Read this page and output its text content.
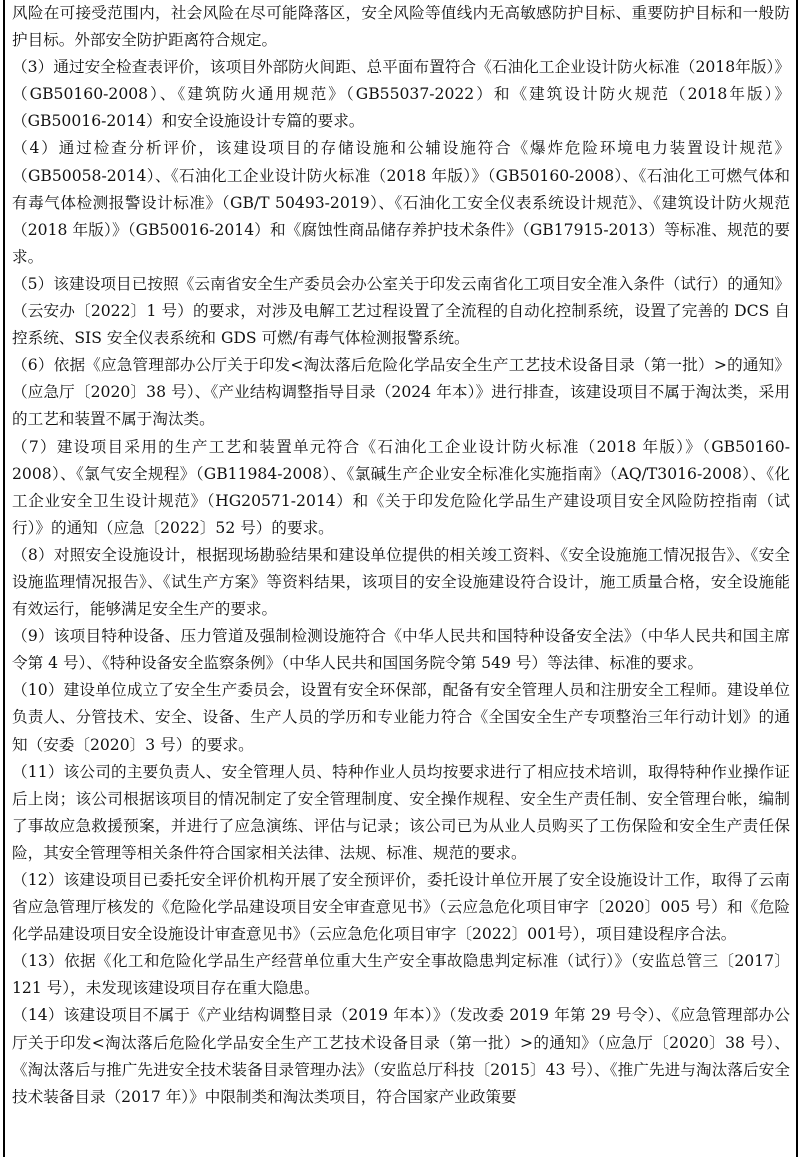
风险在可接受范围内，社会风险在尽可能降落区，安全风险等值线内无高敏感防护目标、重要防护目标和一般防护目标。外部安全防护距离符合规定。

（3）通过安全检查表评价，该项目外部防火间距、总平面布置符合《石油化工企业设计防火标准（2018年版）》（GB50160-2008）、《建筑防火通用规范》（GB55037-2022）和《建筑设计防火规范（2018年版）》（GB50016-2014）和安全设施设计专篇的要求。

（4）通过检查分析评价，该建设项目的存储设施和公辅设施符合《爆炸危险环境电力装置设计规范》（GB50058-2014）、《石油化工企业设计防火标准（2018 年版）》（GB50160-2008）、《石油化工可燃气体和有毒气体检测报警设计标准》（GB/T 50493-2019）、《石油化工安全仪表系统设计规范》、《建筑设计防火规范（2018 年版）》（GB50016-2014）和《腐蚀性商品储存养护技术条件》（GB17915-2013）等标准、规范的要求。

（5）该建设项目已按照《云南省安全生产委员会办公室关于印发云南省化工项目安全准入条件（试行）的通知》（云安办〔2022〕1 号）的要求，对涉及电解工艺过程设置了全流程的自动化控制系统，设置了完善的 DCS 自控系统、SIS 安全仪表系统和 GDS 可燃/有毒气体检测报警系统。

（6）依据《应急管理部办公厅关于印发<淘汰落后危险化学品安全生产工艺技术设备目录（第一批）>的通知》（应急厅〔2020〕38 号）、《产业结构调整指导目录（2024 年本）》进行排查，该建设项目不属于淘汰类，采用的工艺和装置不属于淘汰类。

（7）建设项目采用的生产工艺和装置单元符合《石油化工企业设计防火标准（2018 年版）》（GB50160-2008）、《氯气安全规程》（GB11984-2008）、《氯碱生产企业安全标准化实施指南》（AQ/T3016-2008）、《化工企业安全卫生设计规范》（HG20571-2014）和《关于印发危险化学品生产建设项目安全风险防控指南（试行）》的通知（应急〔2022〕52 号）的要求。

（8）对照安全设施设计，根据现场勘验结果和建设单位提供的相关竣工资料、《安全设施施工情况报告》、《安全设施监理情况报告》、《试生产方案》等资料结果，该项目的安全设施建设符合设计，施工质量合格，安全设施能有效运行，能够满足安全生产的要求。

（9）该项目特种设备、压力管道及强制检测设施符合《中华人民共和国特种设备安全法》（中华人民共和国主席令第 4 号）、《特种设备安全监察条例》（中华人民共和国国务院令第 549 号）等法律、标准的要求。

（10）建设单位成立了安全生产委员会，设置有安全环保部，配备有安全管理人员和注册安全工程师。建设单位负责人、分管技术、安全、设备、生产人员的学历和专业能力符合《全国安全生产专项整治三年行动计划》的通知（安委〔2020〕3 号）的要求。

（11）该公司的主要负责人、安全管理人员、特种作业人员均按要求进行了相应技术培训，取得特种作业操作证后上岗；该公司根据该项目的情况制定了安全管理制度、安全操作规程、安全生产责任制、安全管理台帐，编制了事故应急救援预案，并进行了应急演练、评估与记录；该公司已为从业人员购买了工伤保险和安全生产责任保险，其安全管理等相关条件符合国家相关法律、法规、标准、规范的要求。

（12）该建设项目已委托安全评价机构开展了安全预评价，委托设计单位开展了安全设施设计工作，取得了云南省应急管理厅核发的《危险化学品建设项目安全审查意见书》（云应急危化项目审字〔2020〕005 号）和《危险化学品建设项目安全设施设计审查意见书》（云应急危化项目审字〔2022〕001号），项目建设程序合法。

（13）依据《化工和危险化学品生产经营单位重大生产安全事故隐患判定标准（试行）》（安监总管三〔2017〕121 号），未发现该建设项目存在重大隐患。

（14）该建设项目不属于《产业结构调整目录（2019 年本）》（发改委 2019 年第 29 号令）、《应急管理部办公厅关于印发<淘汰落后危险化学品安全生产工艺技术设备目录（第一批）>的通知》（应急厅〔2020〕38 号）、《淘汰落后与推广先进安全技术装备目录管理办法》（安监总厅科技〔2015〕43 号）、《推广先进与淘汰落后安全技术装备目录（2017 年）》中限制类和淘汰类项目，符合国家产业政策要
